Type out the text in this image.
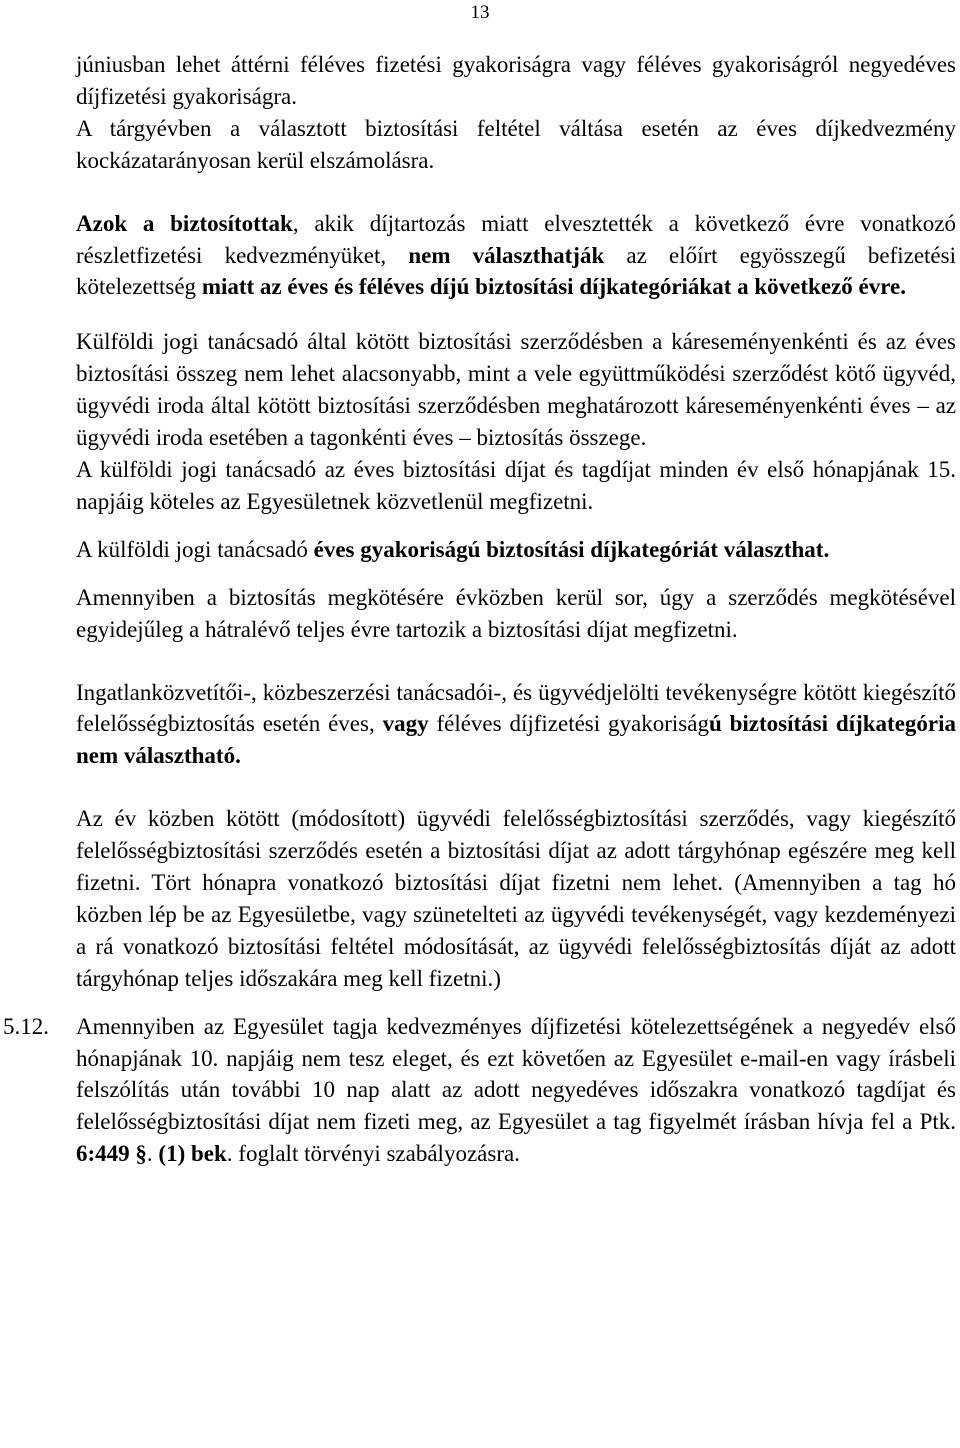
13

júniusban lehet áttérni féléves fizetési gyakoriságra vagy féléves gyakoriságról negyedéves díjfizetési gyakoriságra.

A tárgyévben a választott biztosítási feltétel váltása esetén az éves díjkedvezmény kockázatarányosan kerül elszámolásra.

Azok a biztosítottak, akik díjtartozás miatt elvesztették a következő évre vonatkozó részletfizetési kedvezményüket, nem választhatják az előírt egyösszegű befizetési kötelezettség miatt az éves és féléves díjú biztosítási díjkategóriákat a következő évre.

Külföldi jogi tanácsadó által kötött biztosítási szerződésben a káreseményenkénti és az éves biztosítási összeg nem lehet alacsonyabb, mint a vele együttműködési szerződést kötő ügyvéd, ügyvédi iroda által kötött biztosítási szerződésben meghatározott káreseményenkénti éves – az ügyvédi iroda esetében a tagonkénti éves – biztosítás összege.

A külföldi jogi tanácsadó az éves biztosítási díjat és tagdíjat minden év első hónapjának 15. napjáig köteles az Egyesületnek közvetlenül megfizetni.

A külföldi jogi tanácsadó éves gyakoriságú biztosítási díjkategóriát választhat.

Amennyiben a biztosítás megkötésére évközben kerül sor, úgy a szerződés megkötésével egyidejűleg a hátralévő teljes évre tartozik a biztosítási díjat megfizetni.

Ingatlanközvetítői-, közbeszerzési tanácsadói-, és ügyvédjelölti tevékenységre kötött kiegészítő felelősségbiztosítás esetén éves, vagy féléves díjfizetési gyakoriságú biztosítási díjkategória nem választható.

Az év közben kötött (módosított) ügyvédi felelősségbiztosítási szerződés, vagy kiegészítő felelősségbiztosítási szerződés esetén a biztosítási díjat az adott tárgyhónap egészére meg kell fizetni. Tört hónapra vonatkozó biztosítási díjat fizetni nem lehet. (Amennyiben a tag hó közben lép be az Egyesületbe, vagy szünetelteti az ügyvédi tevékenységét, vagy kezdeményezi a rá vonatkozó biztosítási feltétel módosítását, az ügyvédi felelősségbiztosítás díját az adott tárgyhónap teljes időszakára meg kell fizetni.)

5.12. Amennyiben az Egyesület tagja kedvezményes díjfizetési kötelezettségének a negyedév első hónapjának 10. napjáig nem tesz eleget, és ezt követően az Egyesület e-mail-en vagy írásbeli felszólítás után további 10 nap alatt az adott negyedéves időszakra vonatkozó tagdíjat és felelősségbiztosítási díjat nem fizeti meg, az Egyesület a tag figyelmét írásban hívja fel a Ptk. 6:449 §. (1) bek. foglalt törvényi szabályozásra.
